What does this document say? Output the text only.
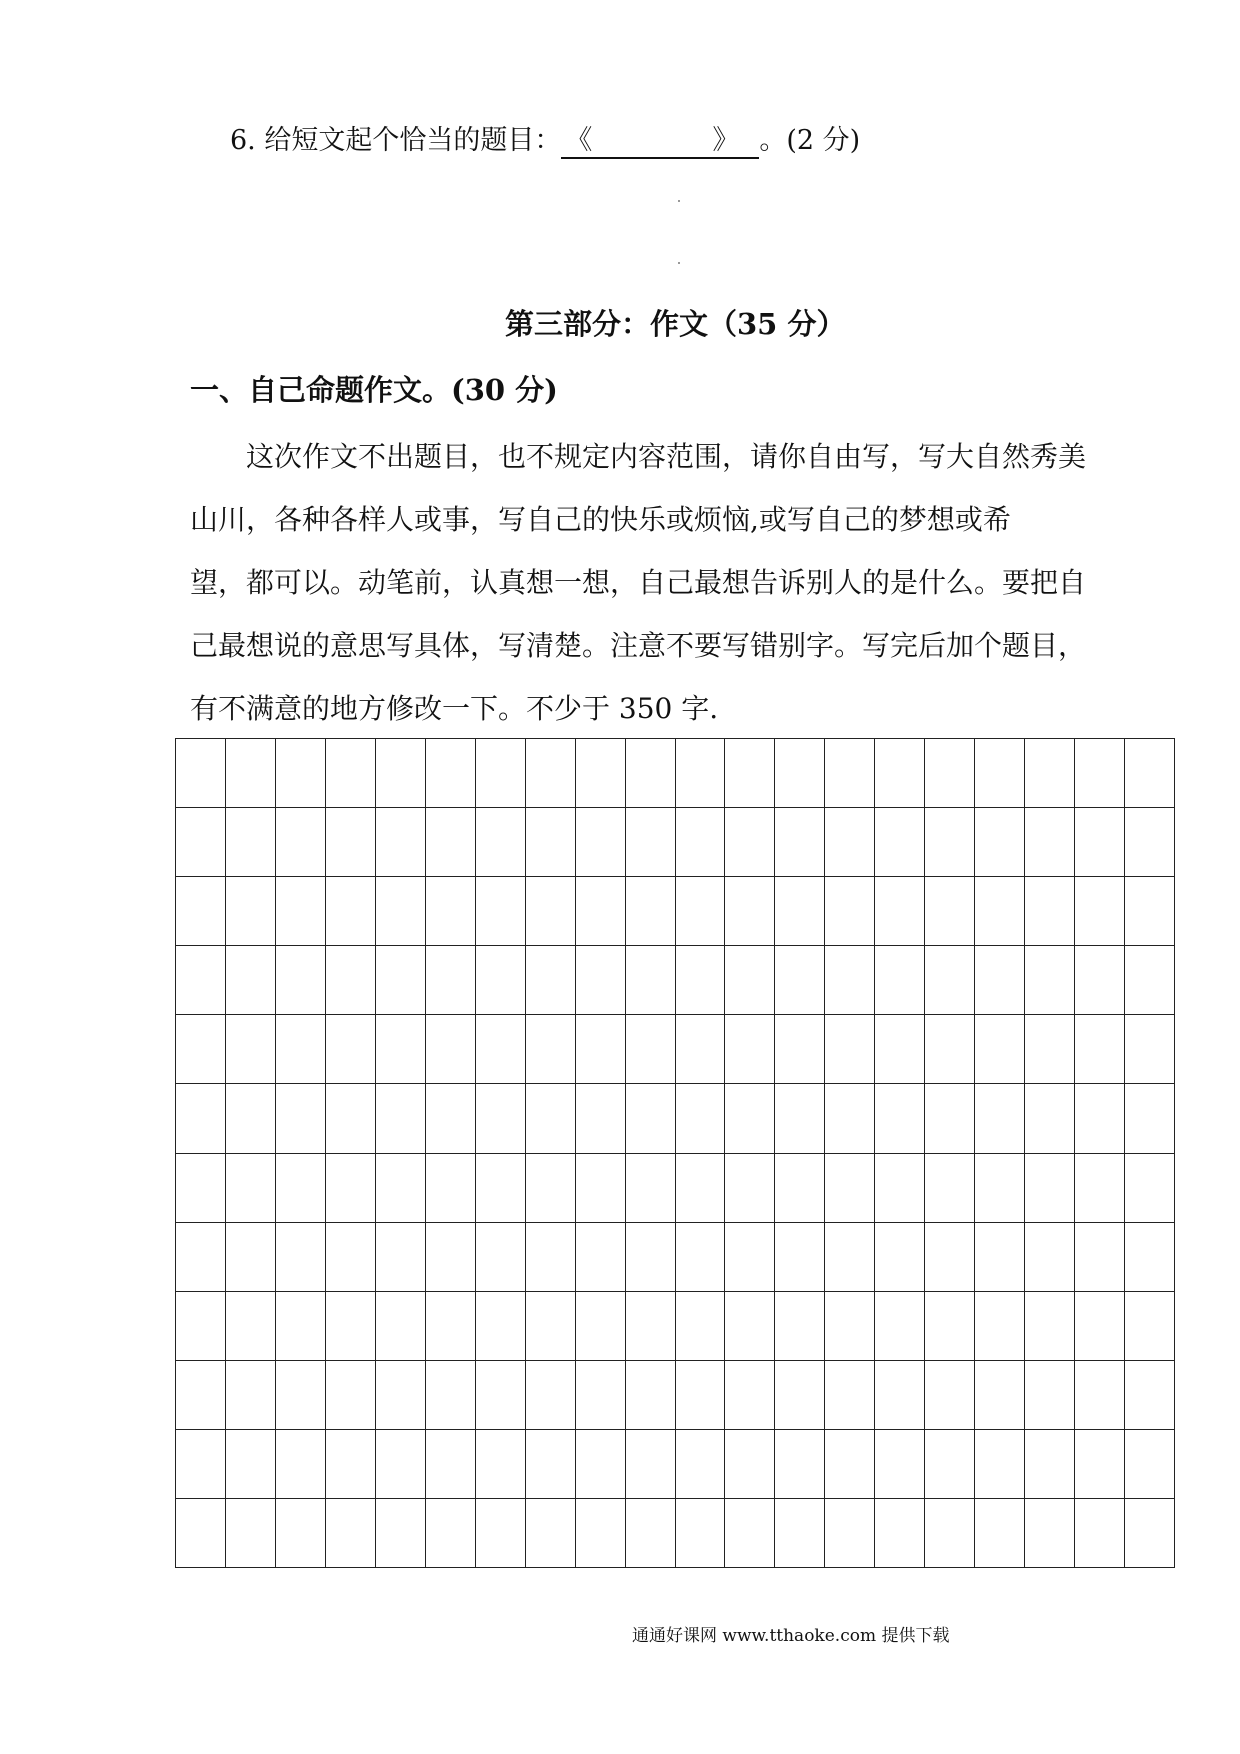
6. 给短文起个恰当的题目： 《	》 。(2 分)
第三部分：作文（35 分）
一、自己命题作文。(30 分)
　　这次作文不出题目，也不规定内容范围，请你自由写，写大自然秀美
山川，各种各样人或事，写自己的快乐或烦恼,或写自己的梦想或希
望，都可以。动笔前，认真想一想，自己最想告诉别人的是什么。要把自
己最想说的意思写具体，写清楚。注意不要写错别字。写完后加个题目，
有不满意的地方修改一下。不少于 350 字.
通通好课网 www.tthaoke.com 提供下载
